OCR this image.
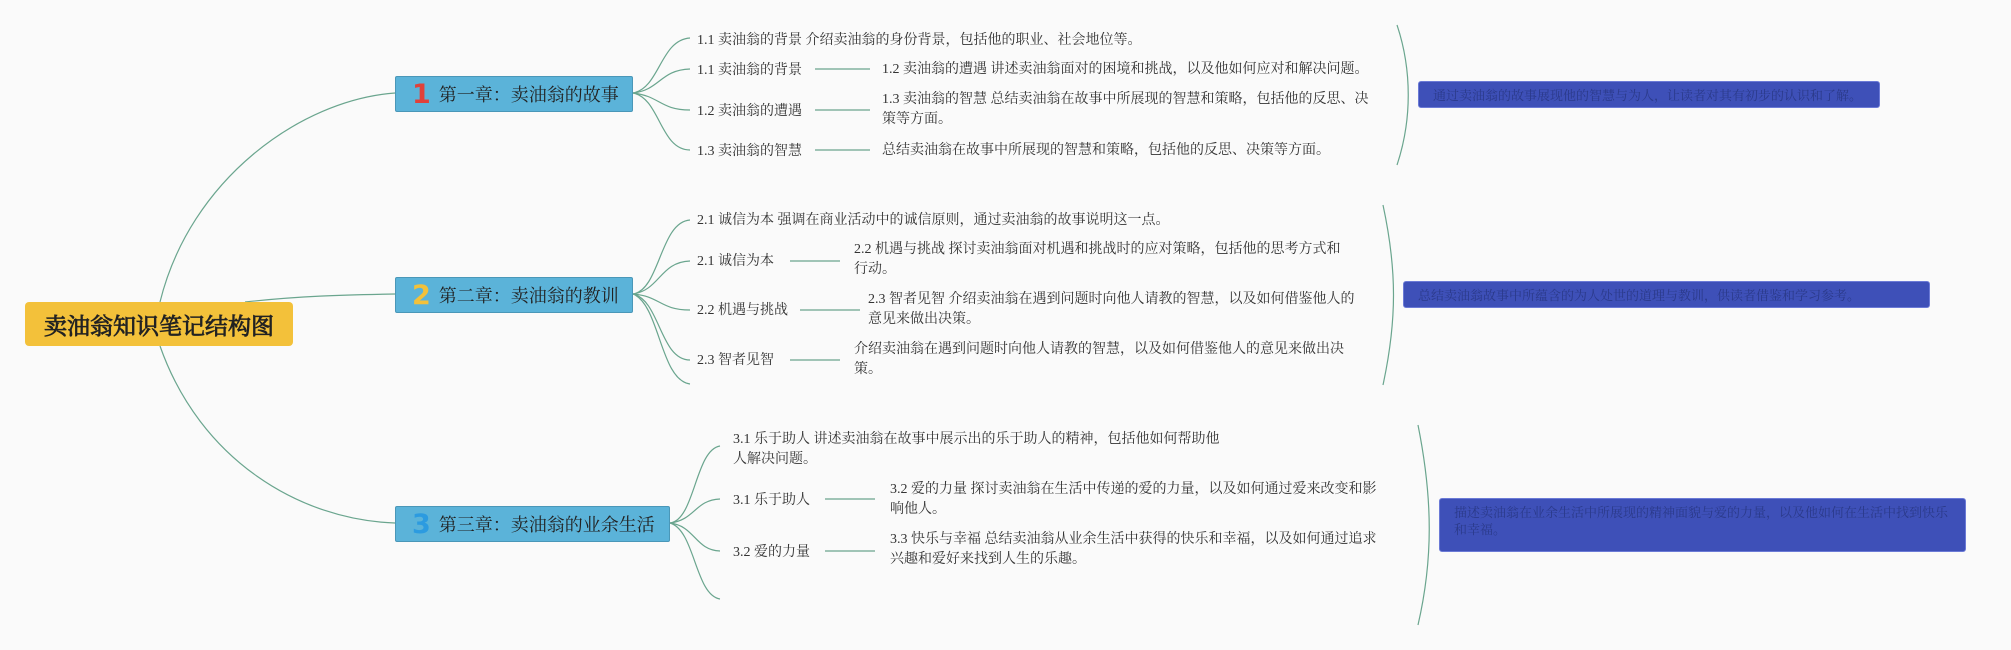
卖油翁知识笔记结构图
1 第一章：卖油翁的故事
1.1 卖油翁的背景 介绍卖油翁的身份背景，包括他的职业、社会地位等。
1.1 卖油翁的背景	1.2 卖油翁的遭遇 讲述卖油翁面对的困境和挑战，以及他如何应对和解决问题。
1.2 卖油翁的遭遇
1.3 卖油翁的智慧 总结卖油翁在故事中所展现的智慧和策略，包括他的反思、决策等方面。
1.3 卖油翁的智慧	总结卖油翁在故事中所展现的智慧和策略，包括他的反思、决策等方面。
通过卖油翁的故事展现他的智慧与为人，让读者对其有初步的认识和了解。
2 第二章：卖油翁的教训
2.1 诚信为本 强调在商业活动中的诚信原则，通过卖油翁的故事说明这一点。
2.1 诚信为本
2.2 机遇与挑战 探讨卖油翁面对机遇和挑战时的应对策略，包括他的思考方式和行动。
2.2 机遇与挑战
2.3 智者见智 介绍卖油翁在遇到问题时向他人请教的智慧，以及如何借鉴他人的意见来做出决策。
2.3 智者见智
介绍卖油翁在遇到问题时向他人请教的智慧，以及如何借鉴他人的意见来做出决策。
总结卖油翁故事中所蕴含的为人处世的道理与教训，供读者借鉴和学习参考。
3 第三章：卖油翁的业余生活
3.1 乐于助人 讲述卖油翁在故事中展示出的乐于助人的精神，包括他如何帮助他人解决问题。
3.1 乐于助人
3.2 爱的力量 探讨卖油翁在生活中传递的爱的力量，以及如何通过爱来改变和影响他人。
3.2 爱的力量
3.3 快乐与幸福 总结卖油翁从业余生活中获得的快乐和幸福，以及如何通过追求兴趣和爱好来找到人生的乐趣。
描述卖油翁在业余生活中所展现的精神面貌与爱的力量，以及他如何在生活中找到快乐和幸福。
